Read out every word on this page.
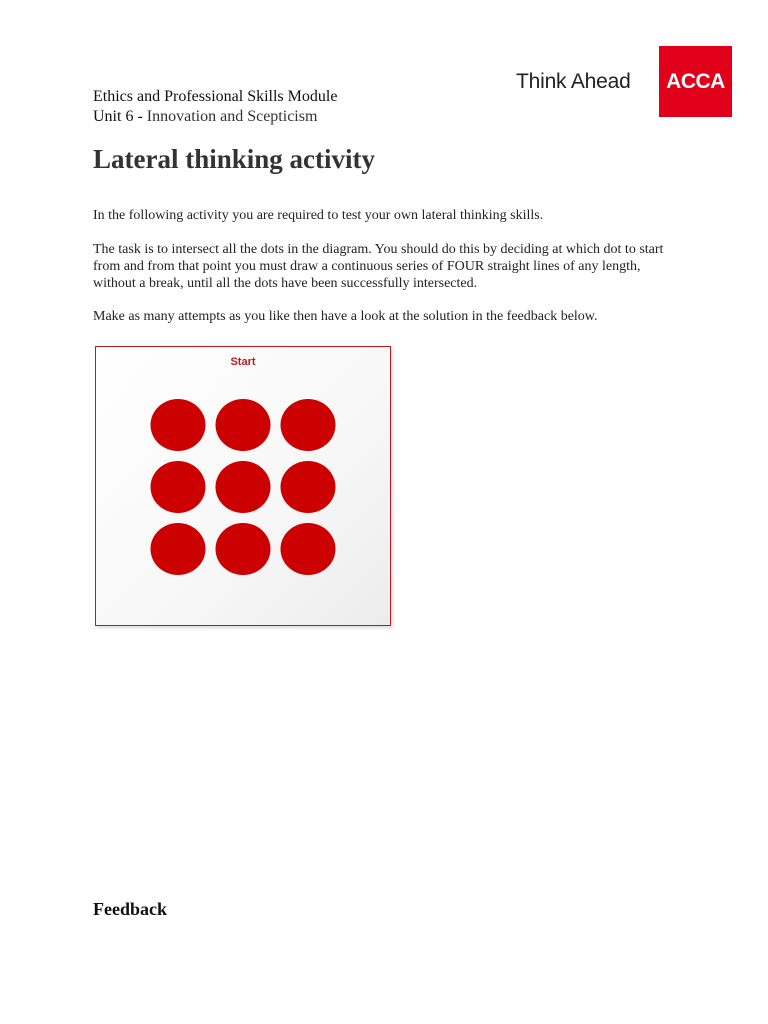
Ethics and Professional Skills Module
Unit 6 - Innovation and Scepticism
Think Ahead	ACCA
Lateral thinking activity

In the following activity you are required to test your own lateral thinking skills.

The task is to intersect all the dots in the diagram. You should do this by deciding at which dot to start from and from that point you must draw a continuous series of FOUR straight lines of any length, without a break, until all the dots have been successfully intersected.

Make as many attempts as you like then have a look at the solution in the feedback below.

Start
Feedback
